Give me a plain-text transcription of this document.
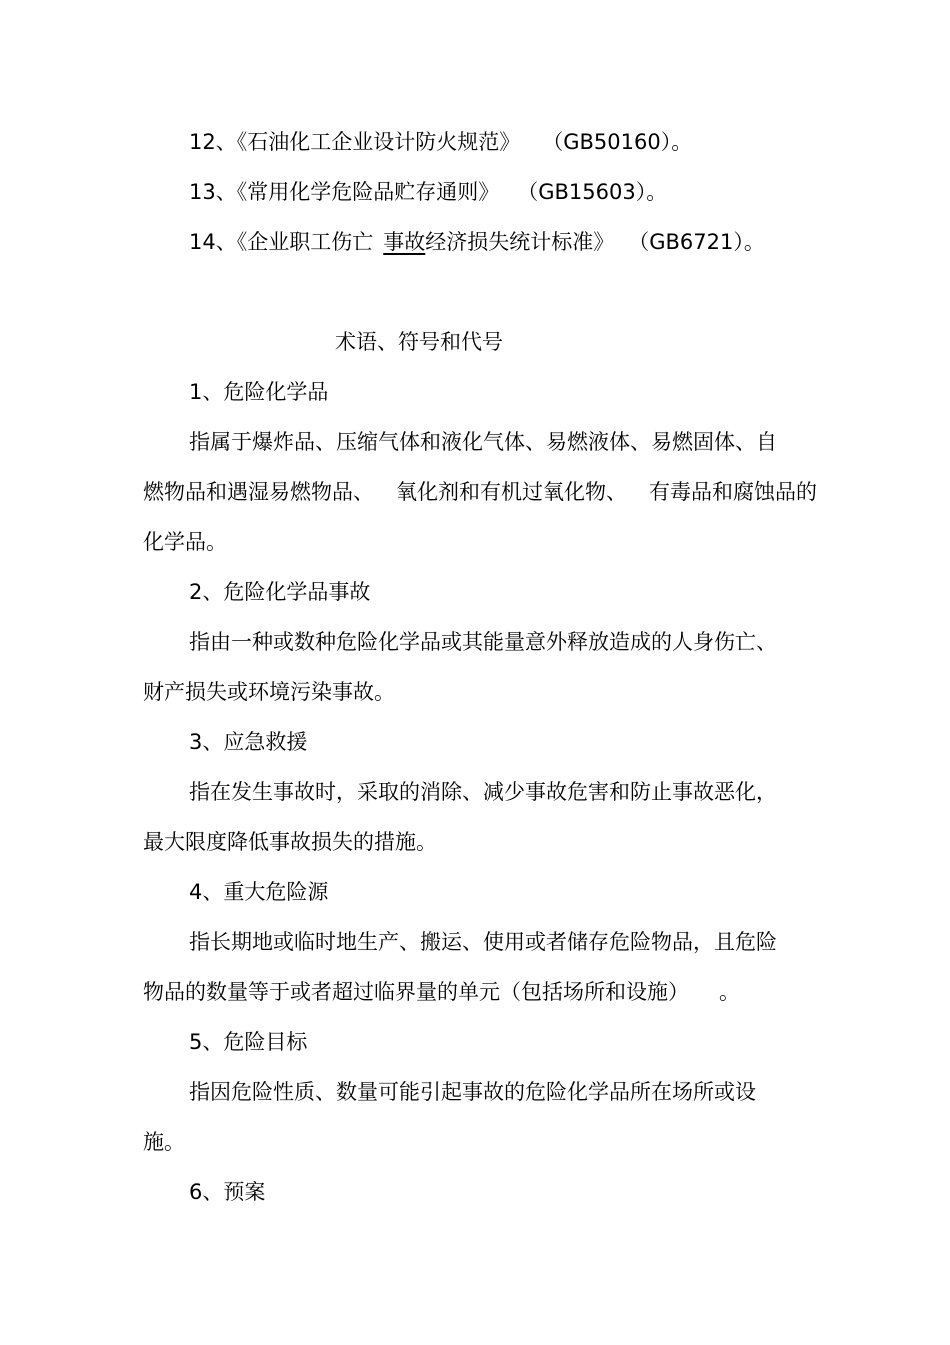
12、《石油化工企业设计防火规范》 （GB50160）。
13、《常用化学危险品贮存通则》 （GB15603）。
14、《企业职工伤亡 事故经济损失统计标准》 （GB6721）。
术语、符号和代号
1、危险化学品
指属于爆炸品、压缩气体和液化气体、易燃液体、易燃固体、自
燃物品和遇湿易燃物品、 氧化剂和有机过氧化物、 有毒品和腐蚀品的
化学品。
2、危险化学品事故
指由一种或数种危险化学品或其能量意外释放造成的人身伤亡、
财产损失或环境污染事故。
3、应急救援
指在发生事故时，采取的消除、减少事故危害和防止事故恶化，
最大限度降低事故损失的措施。
4、重大危险源
指长期地或临时地生产、搬运、使用或者储存危险物品，且危险
物品的数量等于或者超过临界量的单元（包括场所和设施） 。
5、危险目标
指因危险性质、数量可能引起事故的危险化学品所在场所或设
施。
6、预案
